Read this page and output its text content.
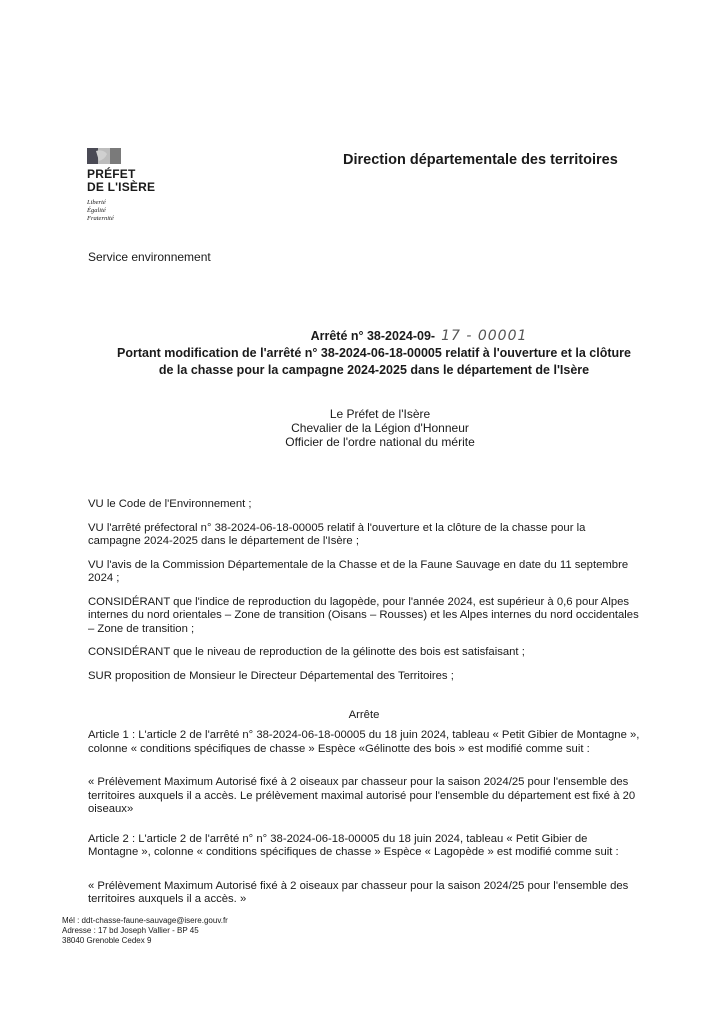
PRÉFET
DE L'ISÈRE
Liberté
Égalité
Fraternité
Direction départementale des territoires
Service environnement
Arrêté n° 38-2024-09- 17 - 00001
Portant modification de l'arrêté n° 38-2024-06-18-00005 relatif à l'ouverture et la clôture
de la chasse pour la campagne 2024-2025 dans le département de l'Isère
Le Préfet de l'Isère
Chevalier de la Légion d'Honneur
Officier de l'ordre national du mérite

VU le Code de l'Environnement ;

VU l'arrêté préfectoral n° 38-2024-06-18-00005 relatif à l'ouverture et la clôture de la chasse pour la campagne 2024-2025 dans le département de l'Isère ;

VU l'avis de la Commission Départementale de la Chasse et de la Faune Sauvage en date du 11 septembre 2024 ;

CONSIDÉRANT que l'indice de reproduction du lagopède, pour l'année 2024, est supérieur à 0,6 pour Alpes internes du nord orientales – Zone de transition (Oisans – Rousses) et les Alpes internes du nord occidentales – Zone de transition ;

CONSIDÉRANT que le niveau de reproduction de la gélinotte des bois est satisfaisant ;

SUR proposition de Monsieur le Directeur Départemental des Territoires ;

Arrête

Article 1 : L'article 2 de l'arrêté n° 38-2024-06-18-00005 du 18 juin 2024, tableau « Petit Gibier de Montagne », colonne « conditions spécifiques de chasse » Espèce «Gélinotte des bois » est modifié comme suit :

« Prélèvement Maximum Autorisé fixé à 2 oiseaux par chasseur pour la saison 2024/25 pour l'ensemble des territoires auxquels il a accès. Le prélèvement maximal autorisé pour l'ensemble du département est fixé à 20 oiseaux»

Article 2 : L'article 2 de l'arrêté n° n° 38-2024-06-18-00005 du 18 juin 2024, tableau « Petit Gibier de Montagne », colonne « conditions spécifiques de chasse » Espèce « Lagopède » est modifié comme suit :

« Prélèvement Maximum Autorisé fixé à 2 oiseaux par chasseur pour la saison 2024/25 pour l'ensemble des territoires auxquels il a accès. »

Mél : ddt-chasse-faune-sauvage@isere.gouv.fr
Adresse : 17 bd Joseph Vallier - BP 45
38040 Grenoble Cedex 9
